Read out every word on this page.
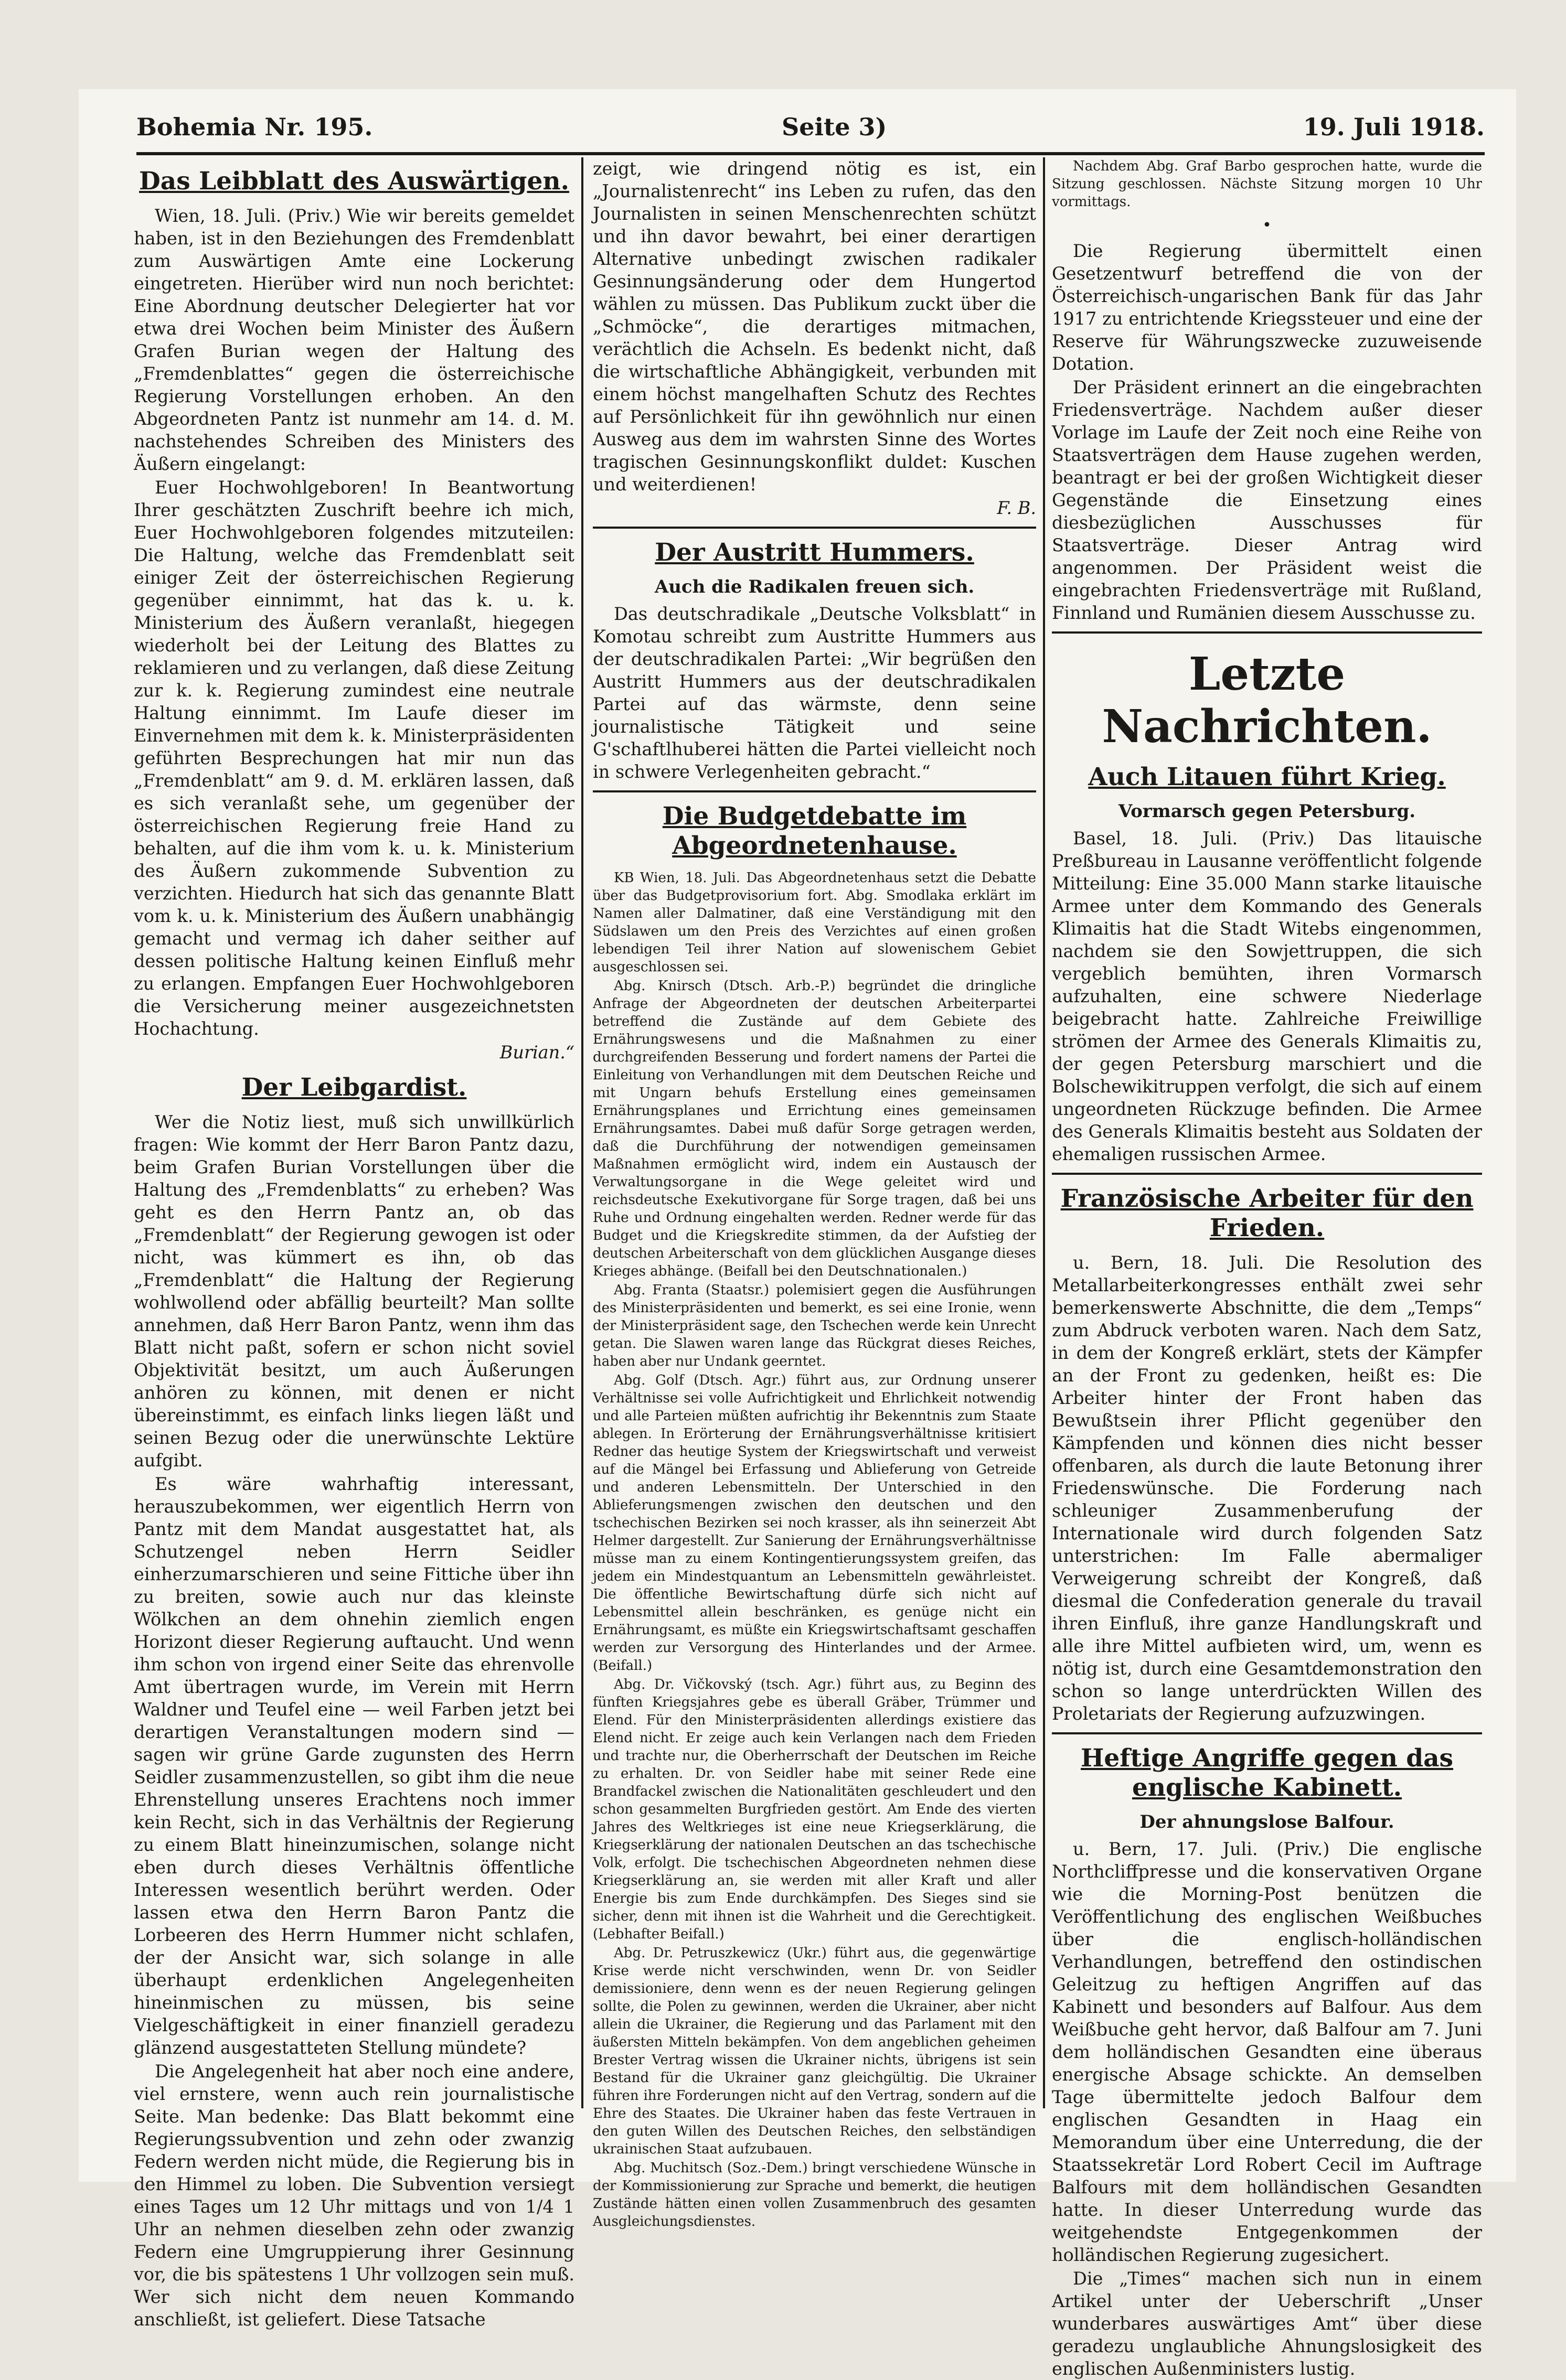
Bohemia Nr. 195.	Seite 3)	19. Juli 1918.
Das Leibblatt des Auswärtigen.

Wien, 18. Juli. (Priv.) Wie wir bereits gemeldet haben, ist in den Beziehungen des Fremdenblatt zum Auswärtigen Amte eine Lockerung eingetreten. Hierüber wird nun noch berichtet: Eine Abordnung deutscher Delegierter hat vor etwa drei Wochen beim Minister des Äußern Grafen Burian wegen der Haltung des „Fremdenblattes“ gegen die österreichische Regierung Vorstellungen erhoben. An den Abgeordneten Pantz ist nunmehr am 14. d. M. nachstehendes Schreiben des Ministers des Äußern eingelangt:

Euer Hochwohlgeboren! In Beantwortung Ihrer geschätzten Zuschrift beehre ich mich, Euer Hochwohlgeboren folgendes mitzuteilen: Die Haltung, welche das Fremdenblatt seit einiger Zeit der österreichischen Regierung gegenüber einnimmt, hat das k. u. k. Ministerium des Äußern veranlaßt, hiegegen wiederholt bei der Leitung des Blattes zu reklamieren und zu verlangen, daß diese Zeitung zur k. k. Regierung zumindest eine neutrale Haltung einnimmt. Im Laufe dieser im Einvernehmen mit dem k. k. Ministerpräsidenten geführten Besprechungen hat mir nun das „Fremdenblatt“ am 9. d. M. erklären lassen, daß es sich veranlaßt sehe, um gegenüber der österreichischen Regierung freie Hand zu behalten, auf die ihm vom k. u. k. Ministerium des Äußern zukommende Subvention zu verzichten. Hiedurch hat sich das genannte Blatt vom k. u. k. Ministerium des Äußern unabhängig gemacht und vermag ich daher seither auf dessen politische Haltung keinen Einfluß mehr zu erlangen. Empfangen Euer Hochwohlgeboren die Versicherung meiner ausgezeichnetsten Hochachtung.

Burian.“

Der Leibgardist.

Wer die Notiz liest, muß sich unwillkürlich fragen: Wie kommt der Herr Baron Pantz dazu, beim Grafen Burian Vorstellungen über die Haltung des „Fremdenblatts“ zu erheben? Was geht es den Herrn Pantz an, ob das „Fremdenblatt“ der Regierung gewogen ist oder nicht, was kümmert es ihn, ob das „Fremdenblatt“ die Haltung der Regierung wohlwollend oder abfällig beurteilt? Man sollte annehmen, daß Herr Baron Pantz, wenn ihm das Blatt nicht paßt, sofern er schon nicht soviel Objektivität besitzt, um auch Äußerungen anhören zu können, mit denen er nicht übereinstimmt, es einfach links liegen läßt und seinen Bezug oder die unerwünschte Lektüre aufgibt.

Es wäre wahrhaftig interessant, herauszubekommen, wer eigentlich Herrn von Pantz mit dem Mandat ausgestattet hat, als Schutzengel neben Herrn Seidler einherzumarschieren und seine Fittiche über ihn zu breiten, sowie auch nur das kleinste Wölkchen an dem ohnehin ziemlich engen Horizont dieser Regierung auftaucht. Und wenn ihm schon von irgend einer Seite das ehrenvolle Amt übertragen wurde, im Verein mit Herrn Waldner und Teufel eine — weil Farben jetzt bei derartigen Veranstaltungen modern sind — sagen wir grüne Garde zugunsten des Herrn Seidler zusammenzustellen, so gibt ihm die neue Ehrenstellung unseres Erachtens noch immer kein Recht, sich in das Verhältnis der Regierung zu einem Blatt hineinzumischen, solange nicht eben durch dieses Verhältnis öffentliche Interessen wesentlich berührt werden. Oder lassen etwa den Herrn Baron Pantz die Lorbeeren des Herrn Hummer nicht schlafen, der der Ansicht war, sich solange in alle überhaupt erdenklichen Angelegenheiten hineinmischen zu müssen, bis seine Vielgeschäftigkeit in einer finanziell geradezu glänzend ausgestatteten Stellung mündete?

Die Angelegenheit hat aber noch eine andere, viel ernstere, wenn auch rein journalistische Seite. Man bedenke: Das Blatt bekommt eine Regierungssubvention und zehn oder zwanzig Federn werden nicht müde, die Regierung bis in den Himmel zu loben. Die Subvention versiegt eines Tages um 12 Uhr mittags und von 1/4 1 Uhr an nehmen dieselben zehn oder zwanzig Federn eine Umgruppierung ihrer Gesinnung vor, die bis spätestens 1 Uhr vollzogen sein muß. Wer sich nicht dem neuen Kommando anschließt, ist geliefert. Diese Tatsache

zeigt, wie dringend nötig es ist, ein „Journalistenrecht“ ins Leben zu rufen, das den Journalisten in seinen Menschenrechten schützt und ihn davor bewahrt, bei einer derartigen Alternative unbedingt zwischen radikaler Gesinnungsänderung oder dem Hungertod wählen zu müssen. Das Publikum zuckt über die „Schmöcke“, die derartiges mitmachen, verächtlich die Achseln. Es bedenkt nicht, daß die wirtschaftliche Abhängigkeit, verbunden mit einem höchst mangelhaften Schutz des Rechtes auf Persönlichkeit für ihn gewöhnlich nur einen Ausweg aus dem im wahrsten Sinne des Wortes tragischen Gesinnungskonflikt duldet: Kuschen und weiterdienen!

F. B.

Der Austritt Hummers.
Auch die Radikalen freuen sich.

Das deutschradikale „Deutsche Volksblatt“ in Komotau schreibt zum Austritte Hummers aus der deutschradikalen Partei: „Wir begrüßen den Austritt Hummers aus der deutschradikalen Partei auf das wärmste, denn seine journalistische Tätigkeit und seine G'schaftlhuberei hätten die Partei vielleicht noch in schwere Verlegenheiten gebracht.“

Die Budgetdebatte im Abgeordnetenhause.

KB Wien, 18. Juli. Das Abgeordnetenhaus setzt die Debatte über das Budgetprovisorium fort. Abg. Smodlaka erklärt im Namen aller Dalmatiner, daß eine Verständigung mit den Südslawen um den Preis des Verzichtes auf einen großen lebendigen Teil ihrer Nation auf slowenischem Gebiet ausgeschlossen sei.

Abg. Knirsch (Dtsch. Arb.-P.) begründet die dringliche Anfrage der Abgeordneten der deutschen Arbeiterpartei betreffend die Zustände auf dem Gebiete des Ernährungswesens und die Maßnahmen zu einer durchgreifenden Besserung und fordert namens der Partei die Einleitung von Verhandlungen mit dem Deutschen Reiche und mit Ungarn behufs Erstellung eines gemeinsamen Ernährungsplanes und Errichtung eines gemeinsamen Ernährungsamtes. Dabei muß dafür Sorge getragen werden, daß die Durchführung der notwendigen gemeinsamen Maßnahmen ermöglicht wird, indem ein Austausch der Verwaltungsorgane in die Wege geleitet wird und reichsdeutsche Exekutivorgane für Sorge tragen, daß bei uns Ruhe und Ordnung eingehalten werden. Redner werde für das Budget und die Kriegskredite stimmen, da der Aufstieg der deutschen Arbeiterschaft von dem glücklichen Ausgange dieses Krieges abhänge. (Beifall bei den Deutschnationalen.)

Abg. Franta (Staatsr.) polemisiert gegen die Ausführungen des Ministerpräsidenten und bemerkt, es sei eine Ironie, wenn der Ministerpräsident sage, den Tschechen werde kein Unrecht getan. Die Slawen waren lange das Rückgrat dieses Reiches, haben aber nur Undank geerntet.

Abg. Golf (Dtsch. Agr.) führt aus, zur Ordnung unserer Verhältnisse sei volle Aufrichtigkeit und Ehrlichkeit notwendig und alle Parteien müßten aufrichtig ihr Bekenntnis zum Staate ablegen. In Erörterung der Ernährungsverhältnisse kritisiert Redner das heutige System der Kriegswirtschaft und verweist auf die Mängel bei Erfassung und Ablieferung von Getreide und anderen Lebensmitteln. Der Unterschied in den Ablieferungsmengen zwischen den deutschen und den tschechischen Bezirken sei noch krasser, als ihn seinerzeit Abt Helmer dargestellt. Zur Sanierung der Ernährungsverhältnisse müsse man zu einem Kontingentierungssystem greifen, das jedem ein Mindestquantum an Lebensmitteln gewährleistet. Die öffentliche Bewirtschaftung dürfe sich nicht auf Lebensmittel allein beschränken, es genüge nicht ein Ernährungsamt, es müßte ein Kriegswirtschaftsamt geschaffen werden zur Versorgung des Hinterlandes und der Armee. (Beifall.)

Abg. Dr. Vičkovský (tsch. Agr.) führt aus, zu Beginn des fünften Kriegsjahres gebe es überall Gräber, Trümmer und Elend. Für den Ministerpräsidenten allerdings existiere das Elend nicht. Er zeige auch kein Verlangen nach dem Frieden und trachte nur, die Oberherrschaft der Deutschen im Reiche zu erhalten. Dr. von Seidler habe mit seiner Rede eine Brandfackel zwischen die Nationalitäten geschleudert und den schon gesammelten Burgfrieden gestört. Am Ende des vierten Jahres des Weltkrieges ist eine neue Kriegserklärung, die Kriegserklärung der nationalen Deutschen an das tschechische Volk, erfolgt. Die tschechischen Abgeordneten nehmen diese Kriegserklärung an, sie werden mit aller Kraft und aller Energie bis zum Ende durchkämpfen. Des Sieges sind sie sicher, denn mit ihnen ist die Wahrheit und die Gerechtigkeit. (Lebhafter Beifall.)

Abg. Dr. Petruszkewicz (Ukr.) führt aus, die gegenwärtige Krise werde nicht verschwinden, wenn Dr. von Seidler demissioniere, denn wenn es der neuen Regierung gelingen sollte, die Polen zu gewinnen, werden die Ukrainer, aber nicht allein die Ukrainer, die Regierung und das Parlament mit den äußersten Mitteln bekämpfen. Von dem angeblichen geheimen Brester Vertrag wissen die Ukrainer nichts, übrigens ist sein Bestand für die Ukrainer ganz gleichgültig. Die Ukrainer führen ihre Forderungen nicht auf den Vertrag, sondern auf die Ehre des Staates. Die Ukrainer haben das feste Vertrauen in den guten Willen des Deutschen Reiches, den selbständigen ukrainischen Staat aufzubauen.

Abg. Muchitsch (Soz.-Dem.) bringt verschiedene Wünsche in der Kommissionierung zur Sprache und bemerkt, die heutigen Zustände hätten einen vollen Zusammenbruch des gesamten Ausgleichungsdienstes.

Nachdem Abg. Graf Barbo gesprochen hatte, wurde die Sitzung geschlossen. Nächste Sitzung morgen 10 Uhr vormittags.

•

Die Regierung übermittelt einen Gesetzentwurf betreffend die von der Österreichisch-ungarischen Bank für das Jahr 1917 zu entrichtende Kriegssteuer und eine der Reserve für Währungszwecke zuzuweisende Dotation.

Der Präsident erinnert an die eingebrachten Friedensverträge. Nachdem außer dieser Vorlage im Laufe der Zeit noch eine Reihe von Staatsverträgen dem Hause zugehen werden, beantragt er bei der großen Wichtigkeit dieser Gegenstände die Einsetzung eines diesbezüglichen Ausschusses für Staatsverträge. Dieser Antrag wird angenommen. Der Präsident weist die eingebrachten Friedensverträge mit Rußland, Finnland und Rumänien diesem Ausschusse zu.

Letzte Nachrichten.
Auch Litauen führt Krieg.
Vormarsch gegen Petersburg.

Basel, 18. Juli. (Priv.) Das litauische Preßbureau in Lausanne veröffentlicht folgende Mitteilung: Eine 35.000 Mann starke litauische Armee unter dem Kommando des Generals Klimaitis hat die Stadt Witebs eingenommen, nachdem sie den Sowjettruppen, die sich vergeblich bemühten, ihren Vormarsch aufzuhalten, eine schwere Niederlage beigebracht hatte. Zahlreiche Freiwillige strömen der Armee des Generals Klimaitis zu, der gegen Petersburg marschiert und die Bolschewikitruppen verfolgt, die sich auf einem ungeordneten Rückzuge befinden. Die Armee des Generals Klimaitis besteht aus Soldaten der ehemaligen russischen Armee.

Französische Arbeiter für den Frieden.

u. Bern, 18. Juli. Die Resolution des Metallarbeiterkongresses enthält zwei sehr bemerkenswerte Abschnitte, die dem „Temps“ zum Abdruck verboten waren. Nach dem Satz, in dem der Kongreß erklärt, stets der Kämpfer an der Front zu gedenken, heißt es: Die Arbeiter hinter der Front haben das Bewußtsein ihrer Pflicht gegenüber den Kämpfenden und können dies nicht besser offenbaren, als durch die laute Betonung ihrer Friedenswünsche. Die Forderung nach schleuniger Zusammenberufung der Internationale wird durch folgenden Satz unterstrichen: Im Falle abermaliger Verweigerung schreibt der Kongreß, daß diesmal die Confederation generale du travail ihren Einfluß, ihre ganze Handlungskraft und alle ihre Mittel aufbieten wird, um, wenn es nötig ist, durch eine Gesamtdemonstration den schon so lange unterdrückten Willen des Proletariats der Regierung aufzuzwingen.

Heftige Angriffe gegen das englische Kabinett.
Der ahnungslose Balfour.

u. Bern, 17. Juli. (Priv.) Die englische Northcliffpresse und die konservativen Organe wie die Morning-Post benützen die Veröffentlichung des englischen Weißbuches über die englisch-holländischen Verhandlungen, betreffend den ostindischen Geleitzug zu heftigen Angriffen auf das Kabinett und besonders auf Balfour. Aus dem Weißbuche geht hervor, daß Balfour am 7. Juni dem holländischen Gesandten eine überaus energische Absage schickte. An demselben Tage übermittelte jedoch Balfour dem englischen Gesandten in Haag ein Memorandum über eine Unterredung, die der Staatssekretär Lord Robert Cecil im Auftrage Balfours mit dem holländischen Gesandten hatte. In dieser Unterredung wurde das weitgehendste Entgegenkommen der holländischen Regierung zugesichert.

Die „Times“ machen sich nun in einem Artikel unter der Ueberschrift „Unser wunderbares auswärtiges Amt“ über diese geradezu unglaubliche Ahnungslosigkeit des englischen Außenministers lustig.
